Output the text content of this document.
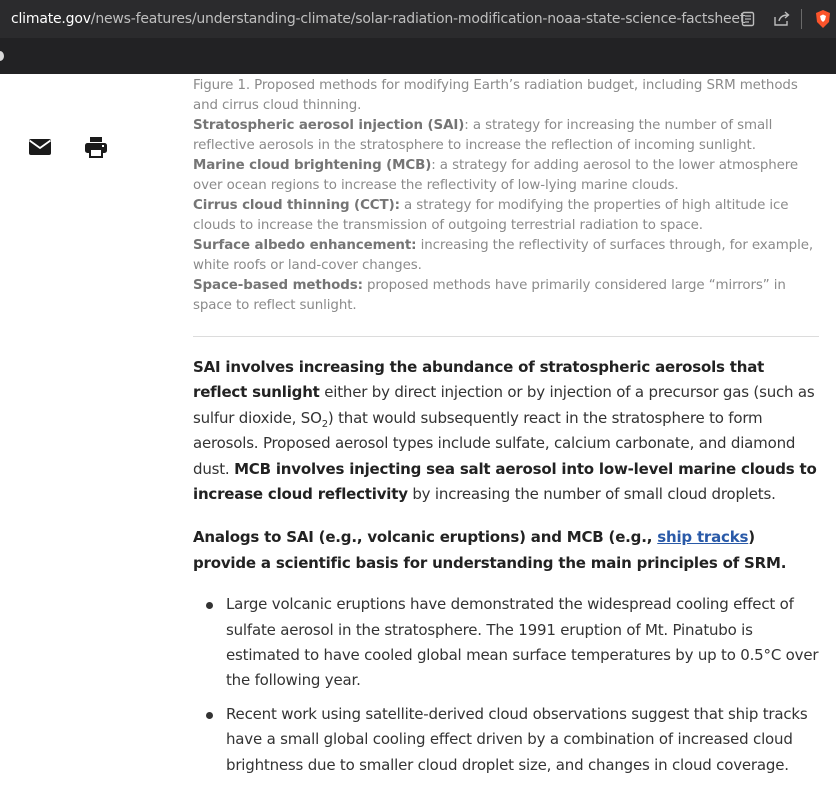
climate.gov/news-features/understanding-climate/solar-radiation-modification-noaa-state-science-factsheet

Figure 1. Proposed methods for modifying Earth’s radiation budget, including SRM methods and cirrus cloud thinning.

Stratospheric aerosol injection (SAI): a strategy for increasing the number of small reflective aerosols in the stratosphere to increase the reflection of incoming sunlight.

Marine cloud brightening (MCB): a strategy for adding aerosol to the lower atmosphere over ocean regions to increase the reflectivity of low-lying marine clouds.

Cirrus cloud thinning (CCT): a strategy for modifying the properties of high altitude ice clouds to increase the transmission of outgoing terrestrial radiation to space.

Surface albedo enhancement: increasing the reflectivity of surfaces through, for example, white roofs or land-cover changes.

Space-based methods: proposed methods have primarily considered large “mirrors” in space to reflect sunlight.

SAI involves increasing the abundance of stratospheric aerosols that reflect sunlight either by direct injection or by injection of a precursor gas (such as sulfur dioxide, $SO_2$) that would subsequently react in the stratosphere to form aerosols. Proposed aerosol types include sulfate, calcium carbonate, and diamond dust. MCB involves injecting sea salt aerosol into low-level marine clouds to increase cloud reflectivity by increasing the number of small cloud droplets.

Analogs to SAI (e.g., volcanic eruptions) and MCB (e.g., ship tracks) provide a scientific basis for understanding the main principles of SRM.

Large volcanic eruptions have demonstrated the widespread cooling effect of sulfate aerosol in the stratosphere. The 1991 eruption of Mt. Pinatubo is estimated to have cooled global mean surface temperatures by up to 0.5°C over the following year.
Recent work using satellite-derived cloud observations suggest that ship tracks have a small global cooling effect driven by a combination of increased cloud brightness due to smaller cloud droplet size, and changes in cloud coverage.
